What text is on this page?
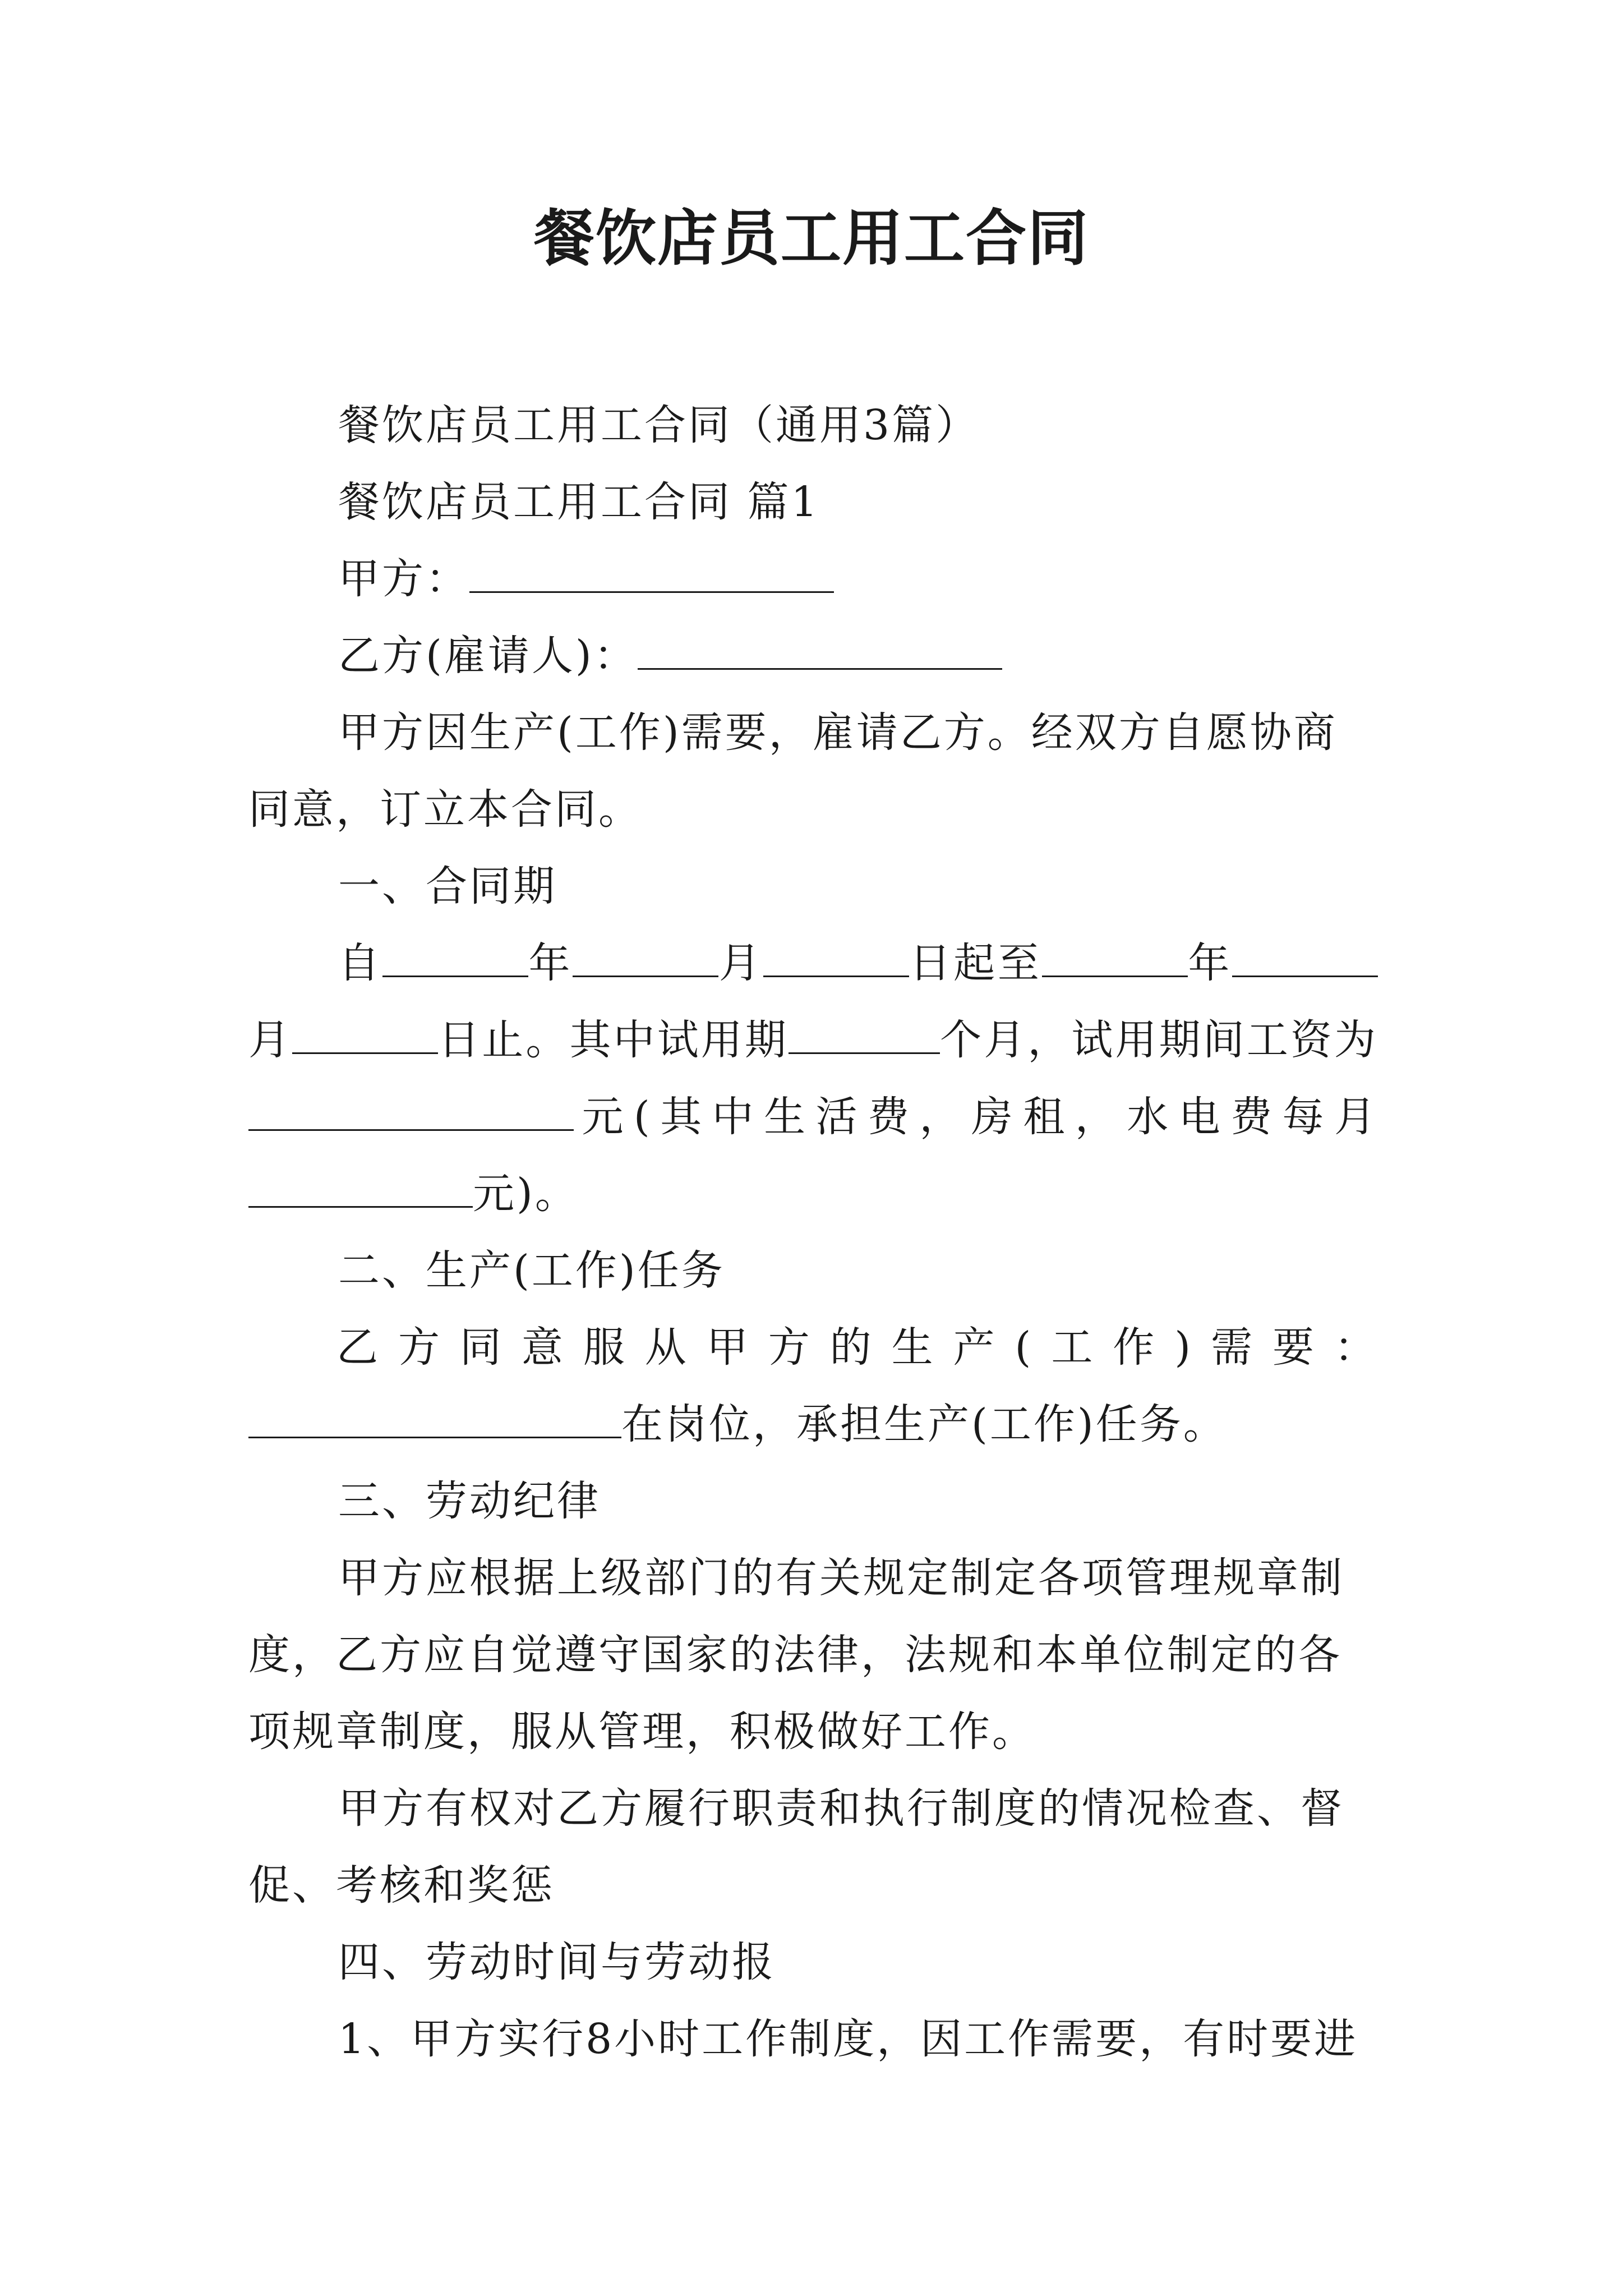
餐饮店员工用工合同
餐饮店员工用工合同（通用3篇）
餐饮店员工用工合同 篇1
甲方：
乙方(雇请人)：
甲方因生产(工作)需要，雇请乙方。经双方自愿协商同意，订立本合同。
一、合同期
自	年	月	日起至	年
月	日止。其中试用期	个月，试用期间工资为
元(其中生活费，房租，水电费每月
元)。
二、生产(工作)任务
乙方同意服从甲方的生产(工作)需要：
在岗位，承担生产(工作)任务。
三、劳动纪律
甲方应根据上级部门的有关规定制定各项管理规章制度，乙方应自觉遵守国家的法律，法规和本单位制定的各项规章制度，服从管理，积极做好工作。
甲方有权对乙方履行职责和执行制度的情况检查、督促、考核和奖惩
四、劳动时间与劳动报
1、甲方实行8小时工作制度，因工作需要，有时要进
